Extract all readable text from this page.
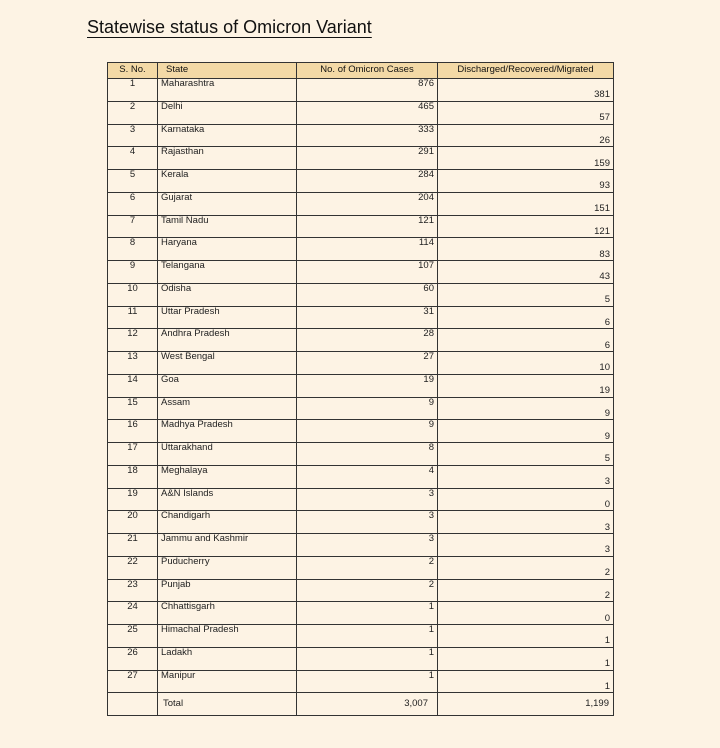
Statewise status of Omicron Variant
S. No.	State	No. of Omicron Cases	Discharged/Recovered/Migrated
1	Maharashtra	876	381
2	Delhi	465	57
3	Karnataka	333	26
4	Rajasthan	291	159
5	Kerala	284	93
6	Gujarat	204	151
7	Tamil Nadu	121	121
8	Haryana	114	83
9	Telangana	107	43
10	Odisha	60	5
11	Uttar Pradesh	31	6
12	Andhra Pradesh	28	6
13	West Bengal	27	10
14	Goa	19	19
15	Assam	9	9
16	Madhya Pradesh	9	9
17	Uttarakhand	8	5
18	Meghalaya	4	3
19	A&N Islands	3	0
20	Chandigarh	3	3
21	Jammu and Kashmir	3	3
22	Puducherry	2	2
23	Punjab	2	2
24	Chhattisgarh	1	0
25	Himachal Pradesh	1	1
26	Ladakh	1	1
27	Manipur	1	1
	Total	3,007	1,199
